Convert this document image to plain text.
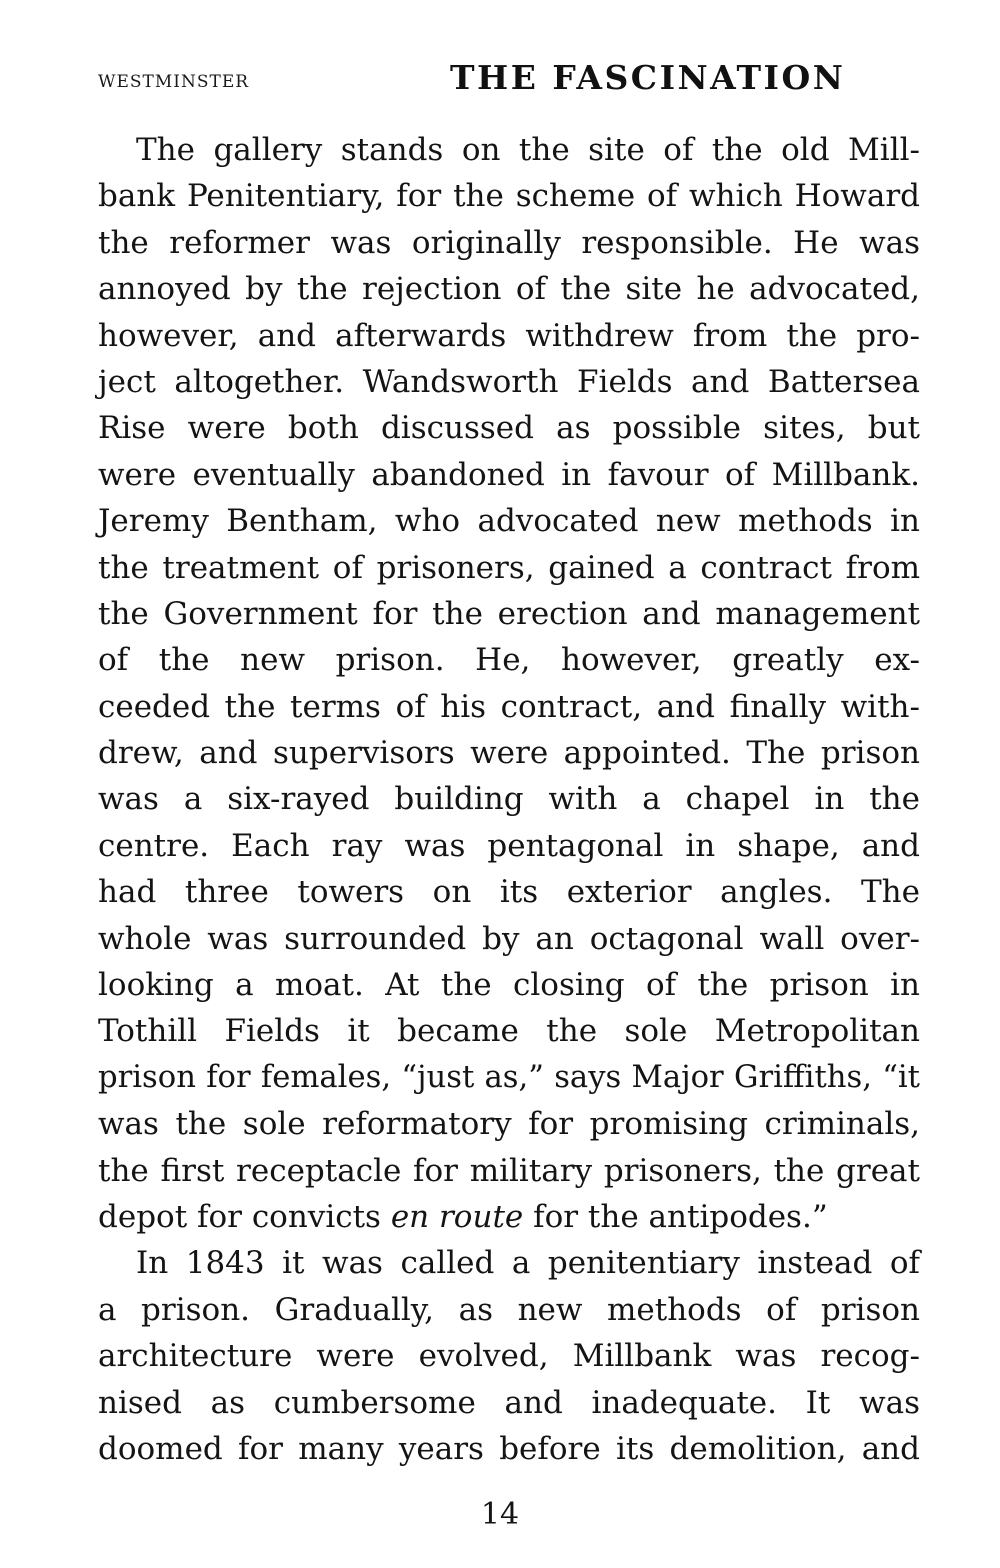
WESTMINSTER	THE FASCINATION
The gallery stands on the site of the old Mill-
bank Penitentiary, for the scheme of which Howard
the reformer was originally responsible. He was
annoyed by the rejection of the site he advocated,
however, and afterwards withdrew from the pro-
ject altogether. Wandsworth Fields and Battersea
Rise were both discussed as possible sites, but
were eventually abandoned in favour of Millbank.
Jeremy Bentham, who advocated new methods in
the treatment of prisoners, gained a contract from
the Government for the erection and management
of the new prison. He, however, greatly ex-
ceeded the terms of his contract, and finally with-
drew, and supervisors were appointed. The prison
was a six-rayed building with a chapel in the
centre. Each ray was pentagonal in shape, and
had three towers on its exterior angles. The
whole was surrounded by an octagonal wall over-
looking a moat. At the closing of the prison in
Tothill Fields it became the sole Metropolitan
prison for females, “just as,” says Major Griffiths, “it
was the sole reformatory for promising criminals,
the first receptacle for military prisoners, the great
depot for convicts en route for the antipodes.”
In 1843 it was called a penitentiary instead of
a prison. Gradually, as new methods of prison
architecture were evolved, Millbank was recog-
nised as cumbersome and inadequate. It was
doomed for many years before its demolition, and
14
